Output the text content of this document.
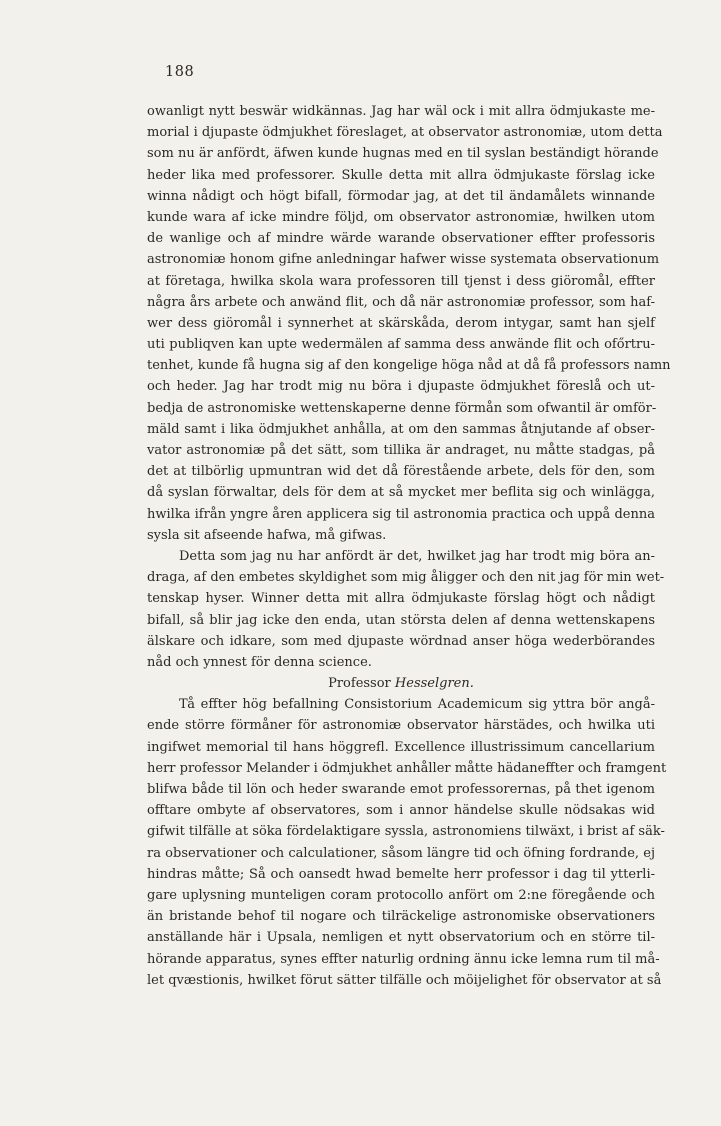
188
owanligt nytt beswär widkännas. Jag har wäl ock i mit allra ödmjukaste me-
morial i djupaste ödmjukhet föreslaget, at observator astronomiæ, utom detta
som nu är anfördt, äfwen kunde hugnas med en til syslan beständigt hörande
heder lika med professorer. Skulle detta mit allra ödmjukaste förslag icke
winna nådigt och högt bifall, förmodar jag, at det til ändamålets winnande
kunde wara af icke mindre följd, om observator astronomiæ, hwilken utom
de wanlige och af mindre wärde warande observationer effter professoris
astronomiæ honom gifne anledningar hafwer wisse systemata observationum
at företaga, hwilka skola wara professoren till tjenst i dess giöromål, effter
några års arbete och anwänd flit, och då när astronomiæ professor, som haf-
wer dess giöromål i synnerhet at skärskåda, derom intygar, samt han sjelf
uti publiqven kan upte wedermälen af samma dess anwände flit och ofőrtru-
tenhet, kunde få hugna sig af den kongelige höga nåd at då få professors namn
och heder. Jag har trodt mig nu böra i djupaste ödmjukhet föreslå och ut-
bedja de astronomiske wettenskaperne denne förmån som ofwantil är omför-
mäld samt i lika ödmjukhet anhålla, at om den sammas åtnjutande af obser-
vator astronomiæ på det sätt, som tillika är andraget, nu måtte stadgas, på
det at tilbörlig upmuntran wid det då förestående arbete, dels för den, som
då syslan förwaltar, dels för dem at så mycket mer beflita sig och winlägga,
hwilka ifrån yngre åren applicera sig til astronomia practica och uppå denna
sysla sit afseende hafwa, må gifwas.
Detta som jag nu har anfördt är det, hwilket jag har trodt mig böra an-
draga, af den embetes skyldighet som mig åligger och den nit jag för min wet-
tenskap hyser. Winner detta mit allra ödmjukaste förslag högt och nådigt
bifall, så blir jag icke den enda, utan största delen af denna wettenskapens
älskare och idkare, som med djupaste wördnad anser höga wederbörandes
nåd och ynnest för denna science.
Professor Hesselgren.
Tå effter hög befallning Consistorium Academicum sig yttra bör angå-
ende större förmåner för astronomiæ observator härstädes, och hwilka uti
ingifwet memorial til hans höggrefl. Excellence illustrissimum cancellarium
herr professor Melander i ödmjukhet anhåller måtte hädaneffter och framgent
blifwa både til lön och heder swarande emot professorernas, på thet igenom
offtare ombyte af observatores, som i annor händelse skulle nödsakas wid
gifwit tilfälle at söka fördelaktigare syssla, astronomiens tilwäxt, i brist af säk-
ra observationer och calculationer, såsom längre tid och öfning fordrande, ej
hindras måtte; Så och oansedt hwad bemelte herr professor i dag til ytterli-
gare uplysning munteligen coram protocollo anfört om 2:ne föregående och
än bristande behof til nogare och tilräckelige astronomiske observationers
anställande här i Upsala, nemligen et nytt observatorium och en större til-
hörande apparatus, synes effter naturlig ordning ännu icke lemna rum til må-
let qvæstionis, hwilket förut sätter tilfälle och möijelighet för observator at så
